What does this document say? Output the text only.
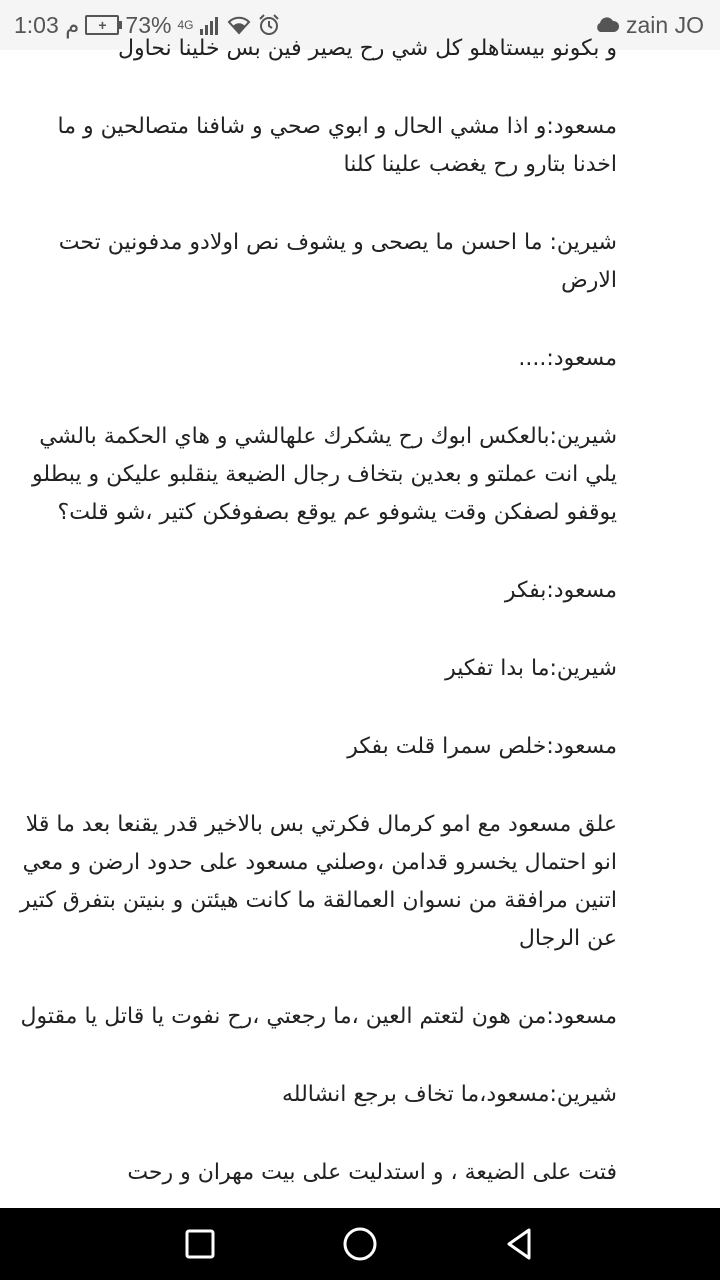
1:03 م	+ 73% 4G	zain JO

و بكونو بيستاهلو كل شي رح يصير فين بس خلينا نحاول

مسعود:و اذا مشي الحال و ابوي صحي و شافنا متصالحين و ما اخدنا بتارو رح يغضب علينا كلنا

شيرين: ما احسن ما يصحى و يشوف نص اولادو مدفونين تحت الارض

مسعود:....

شيرين:بالعكس ابوك رح يشكرك علهالشي و هاي الحكمة بالشي يلي انت عملتو و بعدين بتخاف رجال الضيعة ينقلبو عليكن و يبطلو يوقفو لصفكن وقت يشوفو عم يوقع بصفوفكن كتير ،شو قلت؟

مسعود:بفكر

شيرين:ما بدا تفكير

مسعود:خلص سمرا قلت بفكر

علق مسعود مع امو كرمال فكرتي بس بالاخير قدر يقنعا بعد ما قلا انو احتمال يخسرو قدامن ،وصلني مسعود على حدود ارضن و معي اتنين مرافقة من نسوان العمالقة ما كانت هيئتن و بنيتن بتفرق كتير عن الرجال

مسعود:من هون لتعتم العين ،ما رجعتي ،رح نفوت يا قاتل يا مقتول

شيرين:مسعود،ما تخاف برجع انشالله

فتت على الضيعة ، و استدليت على بيت مهران و رحت
